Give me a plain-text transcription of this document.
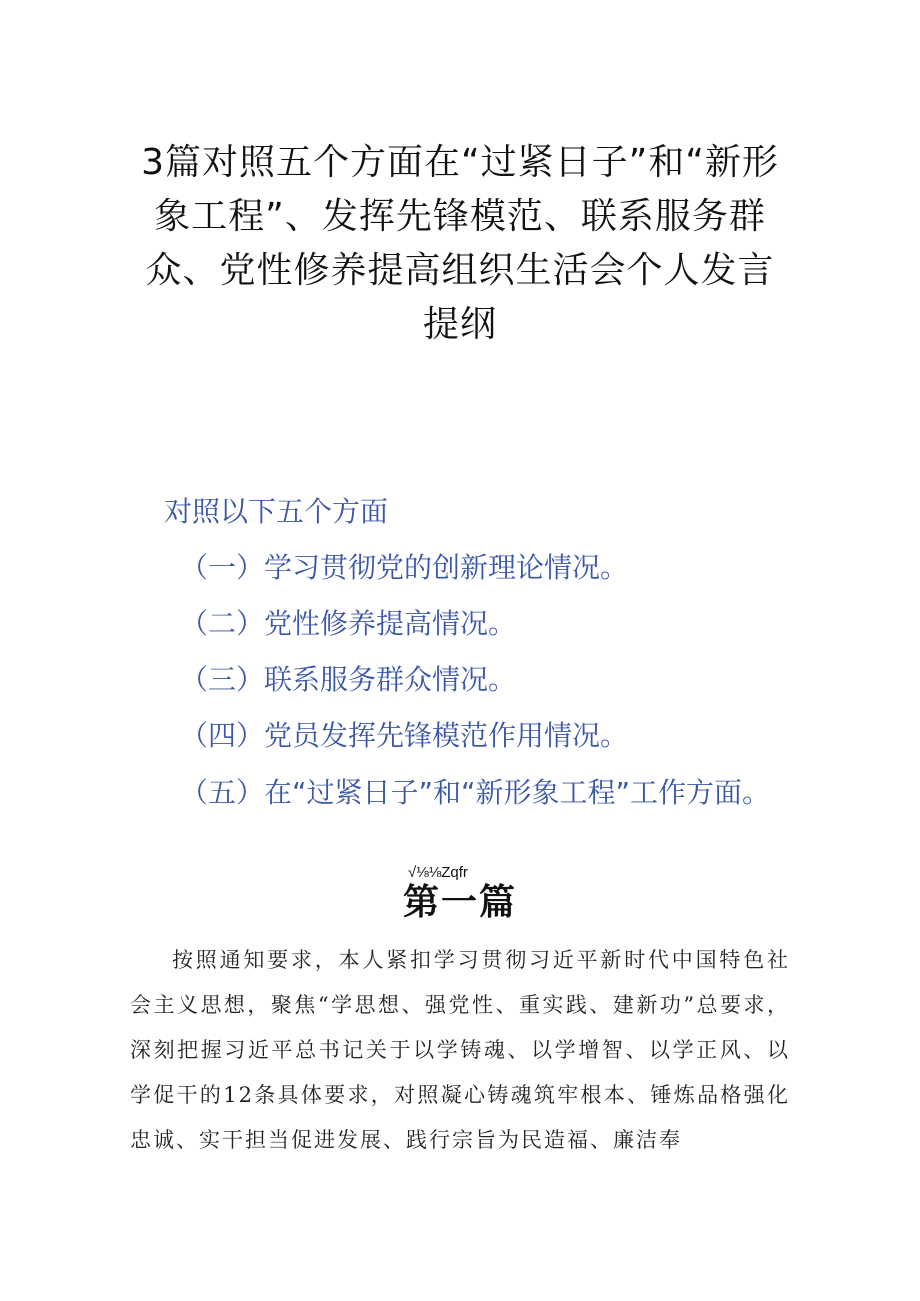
3篇对照五个方面在“过紧日子”和“新形象工程”、发挥先锋模范、联系服务群众、党性修养提高组织生活会个人发言提纲

对照以下五个方面

（一）学习贯彻党的创新理论情况。

（二）党性修养提高情况。

（三）联系服务群众情况。

（四）党员发挥先锋模范作用情况。

（五）在“过紧日子”和“新形象工程”工作方面。

√⅛⅛Zqfr
第一篇

按照通知要求，本人紧扣学习贯彻习近平新时代中国特色社会主义思想，聚焦“学思想、强党性、重实践、建新功”总要求，深刻把握习近平总书记关于以学铸魂、以学增智、以学正风、以学促干的12条具体要求，对照凝心铸魂筑牢根本、锤炼品格强化忠诚、实干担当促进发展、践行宗旨为民造福、廉洁奉
